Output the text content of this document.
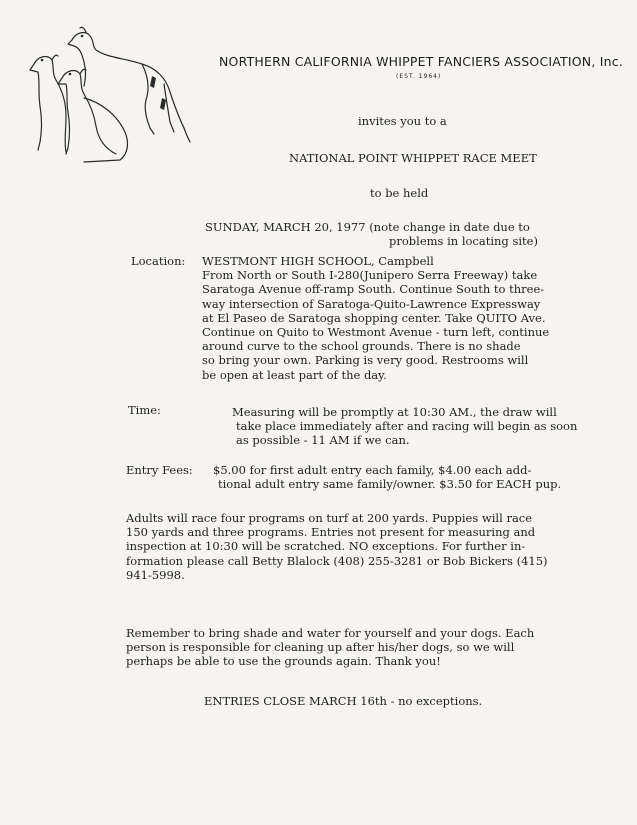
NORTHERN CALIFORNIA WHIPPET FANCIERS ASSOCIATION, Inc.
(EST. 1964)
invites you to a
NATIONAL POINT WHIPPET RACE MEET
to be held
SUNDAY, MARCH 20, 1977 (note change in date due to
problems in locating site)
Location: WESTMONT HIGH SCHOOL, Campbell
From North or South I-280(Junipero Serra Freeway) take
Saratoga Avenue off-ramp South. Continue South to three-
way intersection of Saratoga-Quito-Lawrence Expressway
at El Paseo de Saratoga shopping center. Take QUITO Ave.
Continue on Quito to Westmont Avenue - turn left, continue
around curve to the school grounds. There is no shade
so bring your own. Parking is very good. Restrooms will
be open at least part of the day.
Time:	Measuring will be promptly at 10:30 AM., the draw will
take place immediately after and racing will begin as soon
as possible - 11 AM if we can.
Entry Fees: $5.00 for first adult entry each family, $4.00 each add-
tional adult entry same family/owner. $3.50 for EACH pup.
Adults will race four programs on turf at 200 yards. Puppies will race
150 yards and three programs. Entries not present for measuring and
inspection at 10:30 will be scratched. NO exceptions. For further in-
formation please call Betty Blalock (408) 255-3281 or Bob Bickers (415)
941-5998.
Remember to bring shade and water for yourself and your dogs. Each
person is responsible for cleaning up after his/her dogs, so we will
perhaps be able to use the grounds again. Thank you!
ENTRIES CLOSE MARCH 16th - no exceptions.
